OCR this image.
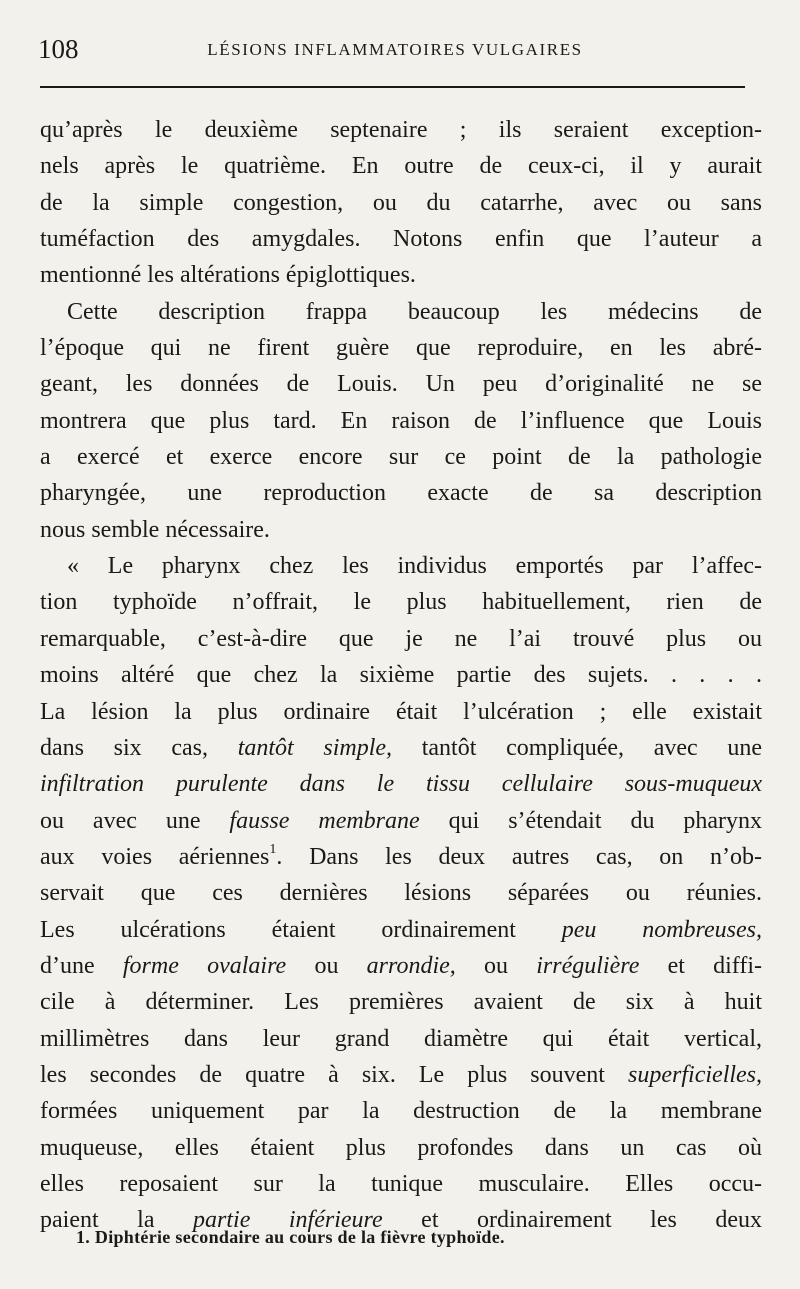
108	LÉSIONS INFLAMMATOIRES VULGAIRES
qu’après le deuxième septenaire ; ils seraient exception-
nels après le quatrième. En outre de ceux-ci, il y aurait
de la simple congestion, ou du catarrhe, avec ou sans
tuméfaction des amygdales. Notons enfin que l’auteur a
mentionné les altérations épiglottiques.
Cette description frappa beaucoup les médecins de
l’époque qui ne firent guère que reproduire, en les abré-
geant, les données de Louis. Un peu d’originalité ne se
montrera que plus tard. En raison de l’influence que Louis
a exercé et exerce encore sur ce point de la pathologie
pharyngée, une reproduction exacte de sa description
nous semble nécessaire.
« Le pharynx chez les individus emportés par l’affec-
tion typhoïde n’offrait, le plus habituellement, rien de
remarquable, c’est-à-dire que je ne l’ai trouvé plus ou
moins altéré que chez la sixième partie des sujets. . . . .
La lésion la plus ordinaire était l’ulcération ; elle existait
dans six cas, tantôt simple, tantôt compliquée, avec une
infiltration purulente dans le tissu cellulaire sous-muqueux
ou avec une fausse membrane qui s’étendait du pharynx
aux voies aériennes$^1$. Dans les deux autres cas, on n’ob-
servait que ces dernières lésions séparées ou réunies.
Les ulcérations étaient ordinairement peu nombreuses,
d’une forme ovalaire ou arrondie, ou irrégulière et diffi-
cile à déterminer. Les premières avaient de six à huit
millimètres dans leur grand diamètre qui était vertical,
les secondes de quatre à six. Le plus souvent superficielles,
formées uniquement par la destruction de la membrane
muqueuse, elles étaient plus profondes dans un cas où
elles reposaient sur la tunique musculaire. Elles occu-
paient la partie inférieure et ordinairement les deux
1. Diphtérie secondaire au cours de la fièvre typhoïde.
